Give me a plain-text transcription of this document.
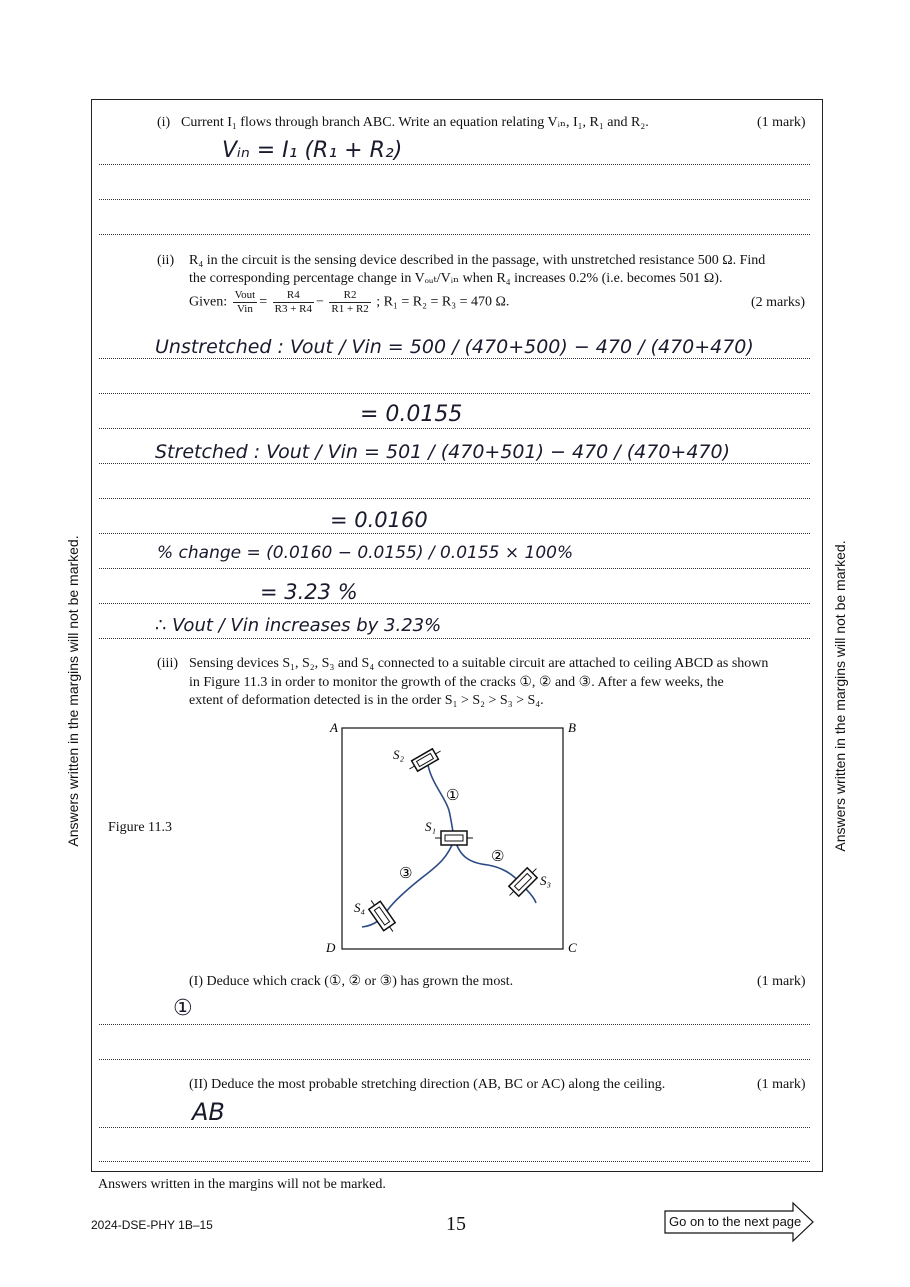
Answers written in the margins will not be marked.	Answers written in the margins will not be marked.
(i) Current I₁ flows through branch ABC. Write an equation relating Vᵢₙ, I₁, R₁ and R₂.	(1 mark)
Vᵢₙ = I₁ (R₁ + R₂)
(ii) R₄ in the circuit is the sensing device described in the passage, with unstretched resistance 500 Ω. Find
the corresponding percentage change in Vₒᵤₜ/Vᵢₙ when R₄ increases 0.2% (i.e. becomes 501 Ω).
Given: $\frac{\text{Vout}}{\text{Vin}} = \frac{R4}{R3 + R4} - \frac{R2}{R1 + R2}$ ; R₁ = R₂ = R₃ = 470 Ω.	(2 marks)
Unstretched : Vout / Vin = 500 / (470+500) − 470 / (470+470)
= 0.0155
Stretched : Vout / Vin = 501 / (470+501) − 470 / (470+470)
= 0.0160
% change = (0.0160 − 0.0155) / 0.0155 × 100%
= 3.23 %
∴ Vout / Vin increases by 3.23%
(iii) Sensing devices S₁, S₂, S₃ and S₄ connected to a suitable circuit are attached to ceiling ABCD as shown
in Figure 11.3 in order to monitor the growth of the cracks ①, ② and ③. After a few weeks, the
extent of deformation detected is in the order S₁ > S₂ > S₃ > S₄.
Figure 11.3
A	B
C
D
S₂
S₁
S₃
S₄
①
②
③
(I) Deduce which crack (①, ② or ③) has grown the most.	(1 mark)
①
(II) Deduce the most probable stretching direction (AB, BC or AC) along the ceiling.	(1 mark)
AB
Answers written in the margins will not be marked.
2024-DSE-PHY 1B–15	15	Go on to the next page
